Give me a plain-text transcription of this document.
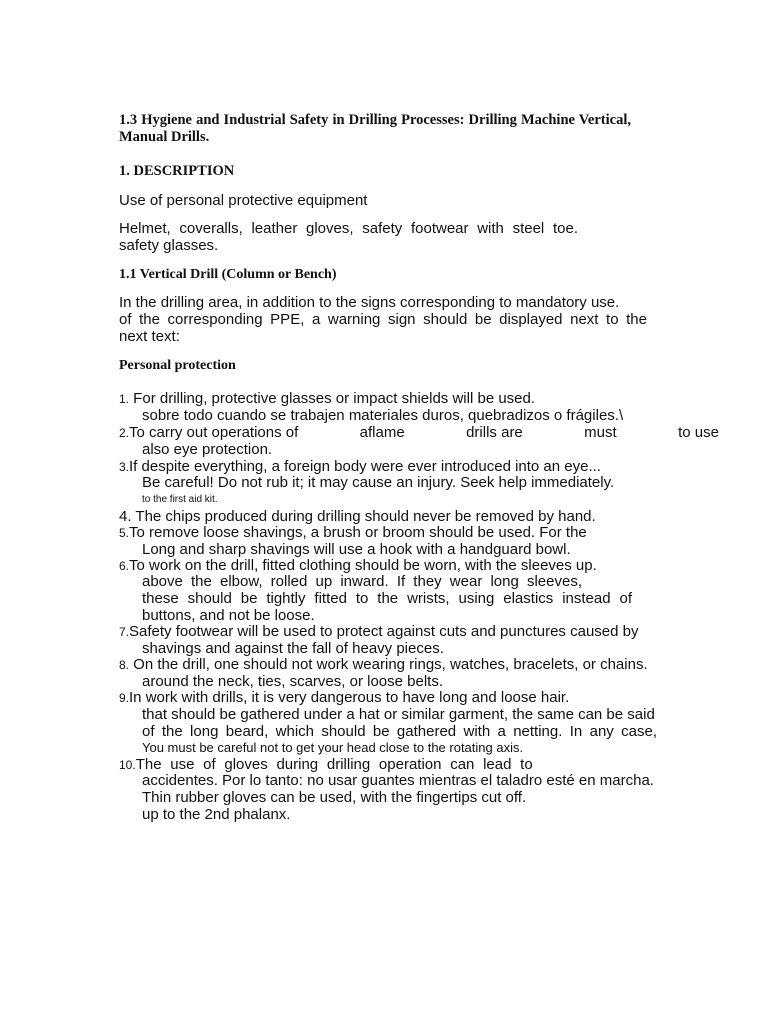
1.3 Hygiene and Industrial Safety in Drilling Processes: Drilling Machine Vertical, Manual Drills.
1. DESCRIPTION
Use of personal protective equipment
Helmet, coveralls, leather gloves, safety footwear with steel toe.
safety glasses.
1.1 Vertical Drill (Column or Bench)
In the drilling area, in addition to the signs corresponding to mandatory use.
of the corresponding PPE, a warning sign should be displayed next to the
next text:
Personal protection
1. For drilling, protective glasses or impact shields will be used.
sobre todo cuando se trabajen materiales duros, quebradizos o frágiles.\
2.To carry out operations of	aflame	drills are	must	to use
also eye protection.
3.If despite everything, a foreign body were ever introduced into an eye...
Be careful! Do not rub it; it may cause an injury. Seek help immediately.
to the first aid kit.
4. The chips produced during drilling should never be removed by hand.
5.To remove loose shavings, a brush or broom should be used. For the
Long and sharp shavings will use a hook with a handguard bowl.
6.To work on the drill, fitted clothing should be worn, with the sleeves up.
above the elbow, rolled up inward. If they wear long sleeves,
these should be tightly fitted to the wrists, using elastics instead of
buttons, and not be loose.
7.Safety footwear will be used to protect against cuts and punctures caused by
shavings and against the fall of heavy pieces.
8. On the drill, one should not work wearing rings, watches, bracelets, or chains.
around the neck, ties, scarves, or loose belts.
9.In work with drills, it is very dangerous to have long and loose hair.
that should be gathered under a hat or similar garment, the same can be said
of the long beard, which should be gathered with a netting. In any case,
You must be careful not to get your head close to the rotating axis.
10.The use of gloves during drilling operation can lead to
accidentes. Por lo tanto: no usar guantes mientras el taladro esté en marcha.
Thin rubber gloves can be used, with the fingertips cut off.
up to the 2nd phalanx.
